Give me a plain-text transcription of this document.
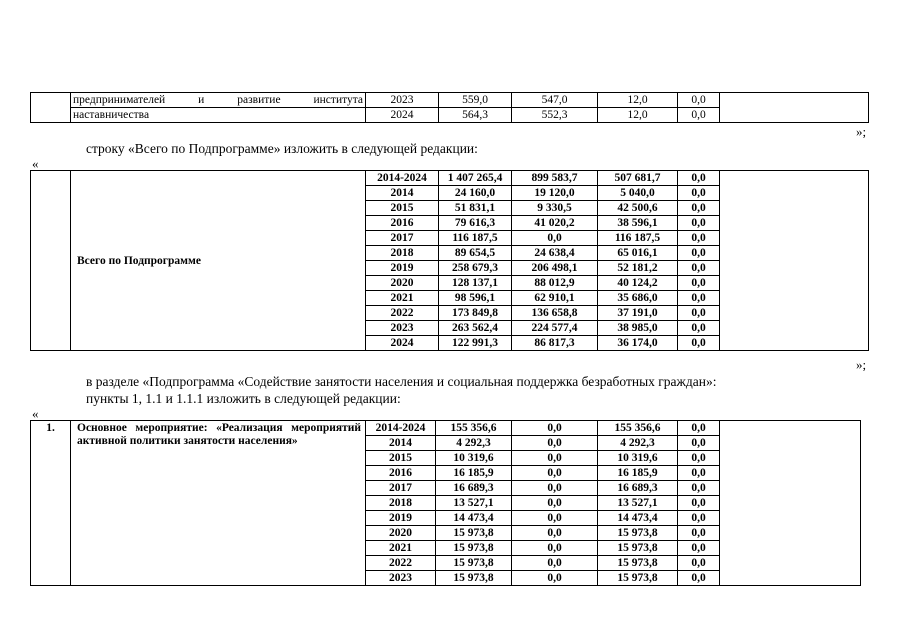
	предпринимателей и развитие института	2023	559,0	547,0	12,0	0,0	
	наставничества	2024	564,3	552,3	12,0	0,0	
»;
строку «Всего по Подпрограмме» изложить в следующей редакции:
«
	Всего по Подпрограмме	2014-2024	1 407 265,4	899 583,7	507 681,7	0,0	
		2014	24 160,0	19 120,0	5 040,0	0,0	
		2015	51 831,1	9 330,5	42 500,6	0,0	
		2016	79 616,3	41 020,2	38 596,1	0,0	
		2017	116 187,5	0,0	116 187,5	0,0	
		2018	89 654,5	24 638,4	65 016,1	0,0	
		2019	258 679,3	206 498,1	52 181,2	0,0	
		2020	128 137,1	88 012,9	40 124,2	0,0	
		2021	98 596,1	62 910,1	35 686,0	0,0	
		2022	173 849,8	136 658,8	37 191,0	0,0	
		2023	263 562,4	224 577,4	38 985,0	0,0	
		2024	122 991,3	86 817,3	36 174,0	0,0	
»;
в разделе «Подпрограмма «Содействие занятости населения и социальная поддержка безработных граждан»:
пункты 1, 1.1 и 1.1.1 изложить в следующей редакции:
«
1.	Основное мероприятие: «Реализация мероприятий активной политики занятости населения»	2014-2024	155 356,6	0,0	155 356,6	0,0	
		2014	4 292,3	0,0	4 292,3	0,0	
		2015	10 319,6	0,0	10 319,6	0,0	
		2016	16 185,9	0,0	16 185,9	0,0	
		2017	16 689,3	0,0	16 689,3	0,0	
		2018	13 527,1	0,0	13 527,1	0,0	
		2019	14 473,4	0,0	14 473,4	0,0	
		2020	15 973,8	0,0	15 973,8	0,0	
		2021	15 973,8	0,0	15 973,8	0,0	
		2022	15 973,8	0,0	15 973,8	0,0	
		2023	15 973,8	0,0	15 973,8	0,0	
